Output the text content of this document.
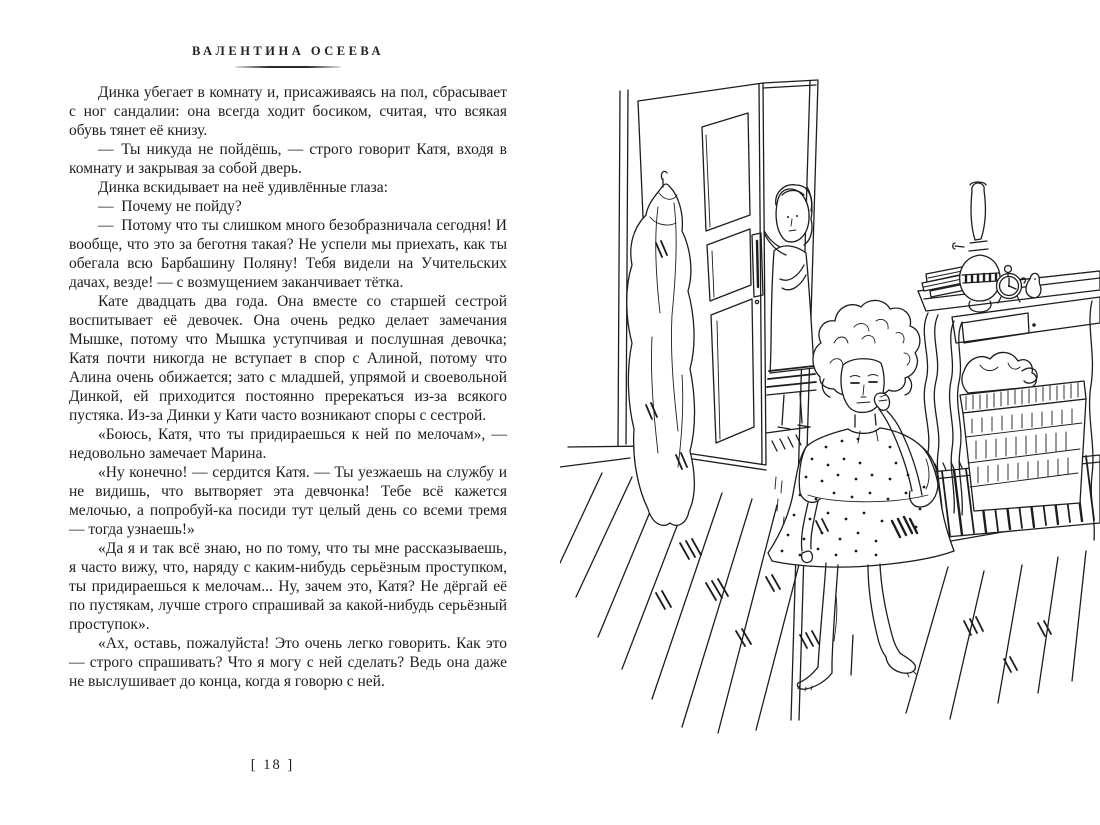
ВАЛЕНТИНА ОСЕЕВА

Динка убегает в комнату и, присаживаясь на пол, сбрасывает с ног сандалии: она всегда ходит босиком, считая, что всякая обувь тянет её книзу.

— Ты никуда не пойдёшь, — строго говорит Катя, входя в комнату и закрывая за собой дверь.

Динка вскидывает на неё удивлённые глаза:

— Почему не пойду?

— Потому что ты слишком много безобразничала сегодня! И вообще, что это за беготня такая? Не успели мы приехать, как ты обегала всю Барбашину Поляну! Тебя видели на Учительских дачах, везде! — с возмущением заканчивает тётка.

Кате двадцать два года. Она вместе со старшей сестрой воспитывает её девочек. Она очень редко делает замечания Мышке, потому что Мышка уступчивая и послушная девочка; Катя почти никогда не вступает в спор с Алиной, потому что Алина очень обижается; зато с младшей, упрямой и своевольной Динкой, ей приходится постоянно пререкаться из-за всякого пустяка. Из-за Динки у Кати часто возникают споры с сестрой.

«Боюсь, Катя, что ты придираешься к ней по мелочам», — недовольно замечает Марина.

«Ну конечно! — сердится Катя. — Ты уезжаешь на службу и не видишь, что вытворяет эта девчонка! Тебе всё кажется мелочью, а попробуй-ка посиди тут целый день со всеми тремя — тогда узнаешь!»

«Да я и так всё знаю, но по тому, что ты мне рассказываешь, я часто вижу, что, наряду с каким-нибудь серьёзным проступком, ты придираешься к мелочам... Ну, зачем это, Катя? Не дёргай её по пустякам, лучше строго спрашивай за какой-нибудь серьёзный проступок».

«Ах, оставь, пожалуйста! Это очень легко говорить. Как это — строго спрашивать? Что я могу с ней сделать? Ведь она даже не выслушивает до конца, когда я говорю с ней.

[ 18 ]
